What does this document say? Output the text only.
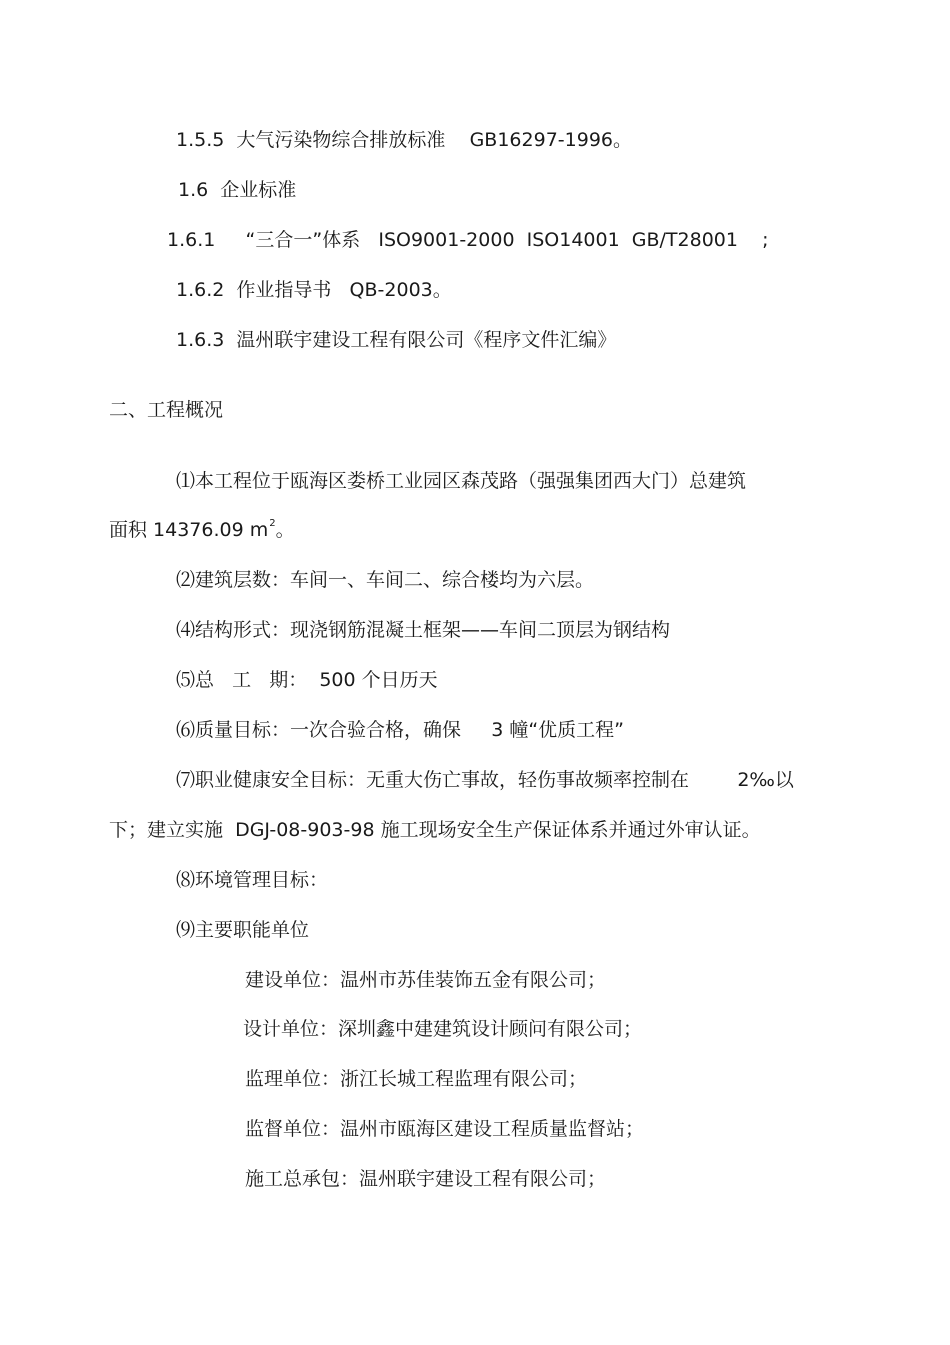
1.5.5  大气污染物综合排放标准    GB16297-1996。
1.6  企业标准
1.6.1     “三合一”体系   ISO9001-2000  ISO14001  GB/T28001    ;
1.6.2  作业指导书   QB-2003。
1.6.3  温州联宇建设工程有限公司《程序文件汇编》
二、工程概况
⑴本工程位于瓯海区娄桥工业园区森茂路（强强集团西大门）总建筑
面积 14376.09 $m^2$。
⑵建筑层数：车间一、车间二、综合楼均为六层。
⑷结构形式：现浇钢筋混凝土框架——车间二顶层为钢结构
⑸总   工   期：  500 个日历天
⑹质量目标：一次合验合格，确保     3 幢“优质工程”
⑺职业健康安全目标：无重大伤亡事故，轻伤事故频率控制在        2‰以
下；建立实施  DGJ-08-903-98 施工现场安全生产保证体系并通过外审认证。
⑻环境管理目标：
⑼主要职能单位
建设单位：温州市苏佳装饰五金有限公司；
设计单位：深圳鑫中建建筑设计顾问有限公司；
监理单位：浙江长城工程监理有限公司；
监督单位：温州市瓯海区建设工程质量监督站；
施工总承包：温州联宇建设工程有限公司；
